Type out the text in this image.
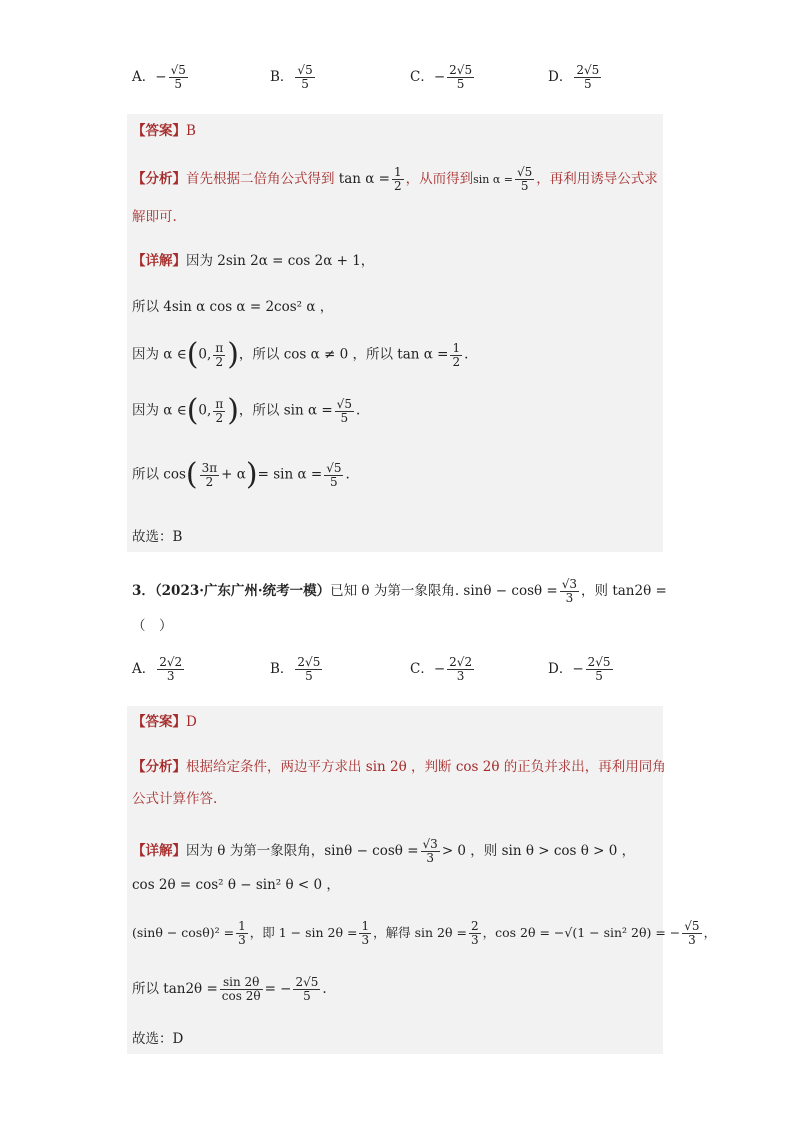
A．− $\frac{√5}{5}$	B． $\frac{√5}{5}$	C．− $\frac{2√5}{5}$	D． $\frac{2√5}{5}$
【答案】B
【分析】首先根据二倍角公式得到 $\tan \alpha = \frac{1}{2}$ ，从而得到$\sin \alpha = \frac{√5}{5}$ ，再利用诱导公式求
解即可.
【详解】因为 2sin 2α = cos 2α + 1，
所以 4sin α cos α = 2cos² α ，
因为 α ∈(0, $\frac{\pi}{2}$ )，所以 cos α ≠ 0 ，所以 $\tan \alpha = \frac{1}{2}$ .
因为 α ∈(0, $\frac{\pi}{2}$ )，所以 $\sin \alpha = \frac{√5}{5}$ .
所以 $\cos( \frac{3\pi}{2} + \alpha)= \sin \alpha = \frac{√5}{5}$ .
故选：B
3．（2023·广东广州·统考一模）已知 θ 为第一象限角. $\sin\theta - \cos\theta = \frac{√3}{3}$ ，则 tan2θ =
（　）
A． $\frac{2√2}{3}$	B． $\frac{2√5}{5}$	C．− $\frac{2√2}{3}$	D．− $\frac{2√5}{5}$
【答案】D
【分析】根据给定条件，两边平方求出 sin 2θ ，判断 cos 2θ 的正负并求出，再利用同角
公式计算作答.
【详解】因为 θ 为第一象限角，$\sin\theta - \cos\theta = \frac{√3}{3} > 0$ ，则 sin θ > cos θ > 0 ，
cos 2θ = cos² θ − sin² θ < 0 ，
$(\sin\theta - \cos\theta)^2 = \frac{1}{3}$ ，即 $1 - \sin 2\theta = \frac{1}{3}$ ，解得 $\sin 2\theta = \frac{2}{3}$ ，cos 2θ = −√(1 − sin² 2θ) = − $\frac{√5}{3}$ ，
所以 $\tan 2\theta = \frac{\sin 2\theta}{\cos 2\theta}$ = − $\frac{2√5}{5}$ .
故选：D
